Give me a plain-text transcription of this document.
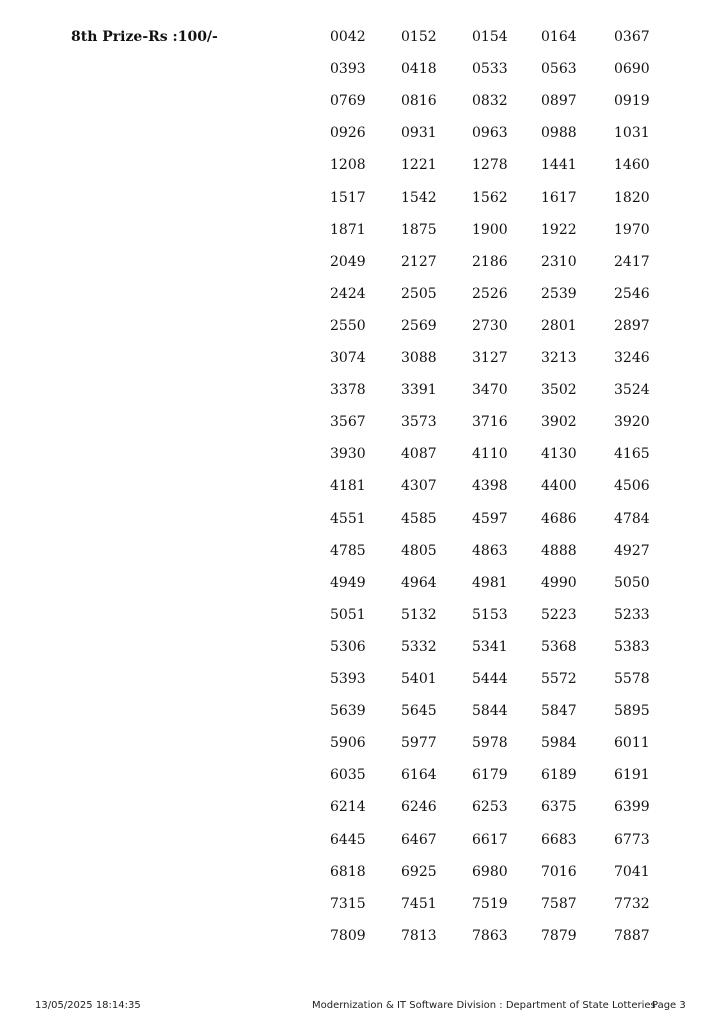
8th Prize-Rs :100/-	0042	0152	0154 0164	0367
0393	0418	0533 0563	0690
0769	0816	0832 0897	0919
0926	0931	0963 0988	1031
1208	1221	1278 1441	1460
1517	1542	1562 1617	1820
1871	1875	1900 1922	1970
2049	2127	2186 2310	2417
2424	2505	2526 2539	2546
2550	2569	2730 2801	2897
3074	3088	3127 3213	3246
3378	3391	3470 3502	3524
3567	3573	3716 3902	3920
3930	4087	4110 4130	4165
4181	4307	4398 4400	4506
4551	4585	4597 4686	4784
4785	4805	4863 4888	4927
4949	4964	4981 4990	5050
5051	5132	5153 5223	5233
5306	5332	5341 5368	5383
5393	5401	5444 5572	5578
5639	5645	5844 5847	5895
5906	5977	5978 5984	6011
6035	6164	6179 6189	6191
6214	6246	6253 6375	6399
6445	6467	6617 6683	6773
6818	6925	6980 7016	7041
7315	7451	7519 7587	7732
7809	7813	7863 7879	7887
13/05/2025 18:14:35	Modernization & IT Software Division : Department of State Lotteries
Page 3
